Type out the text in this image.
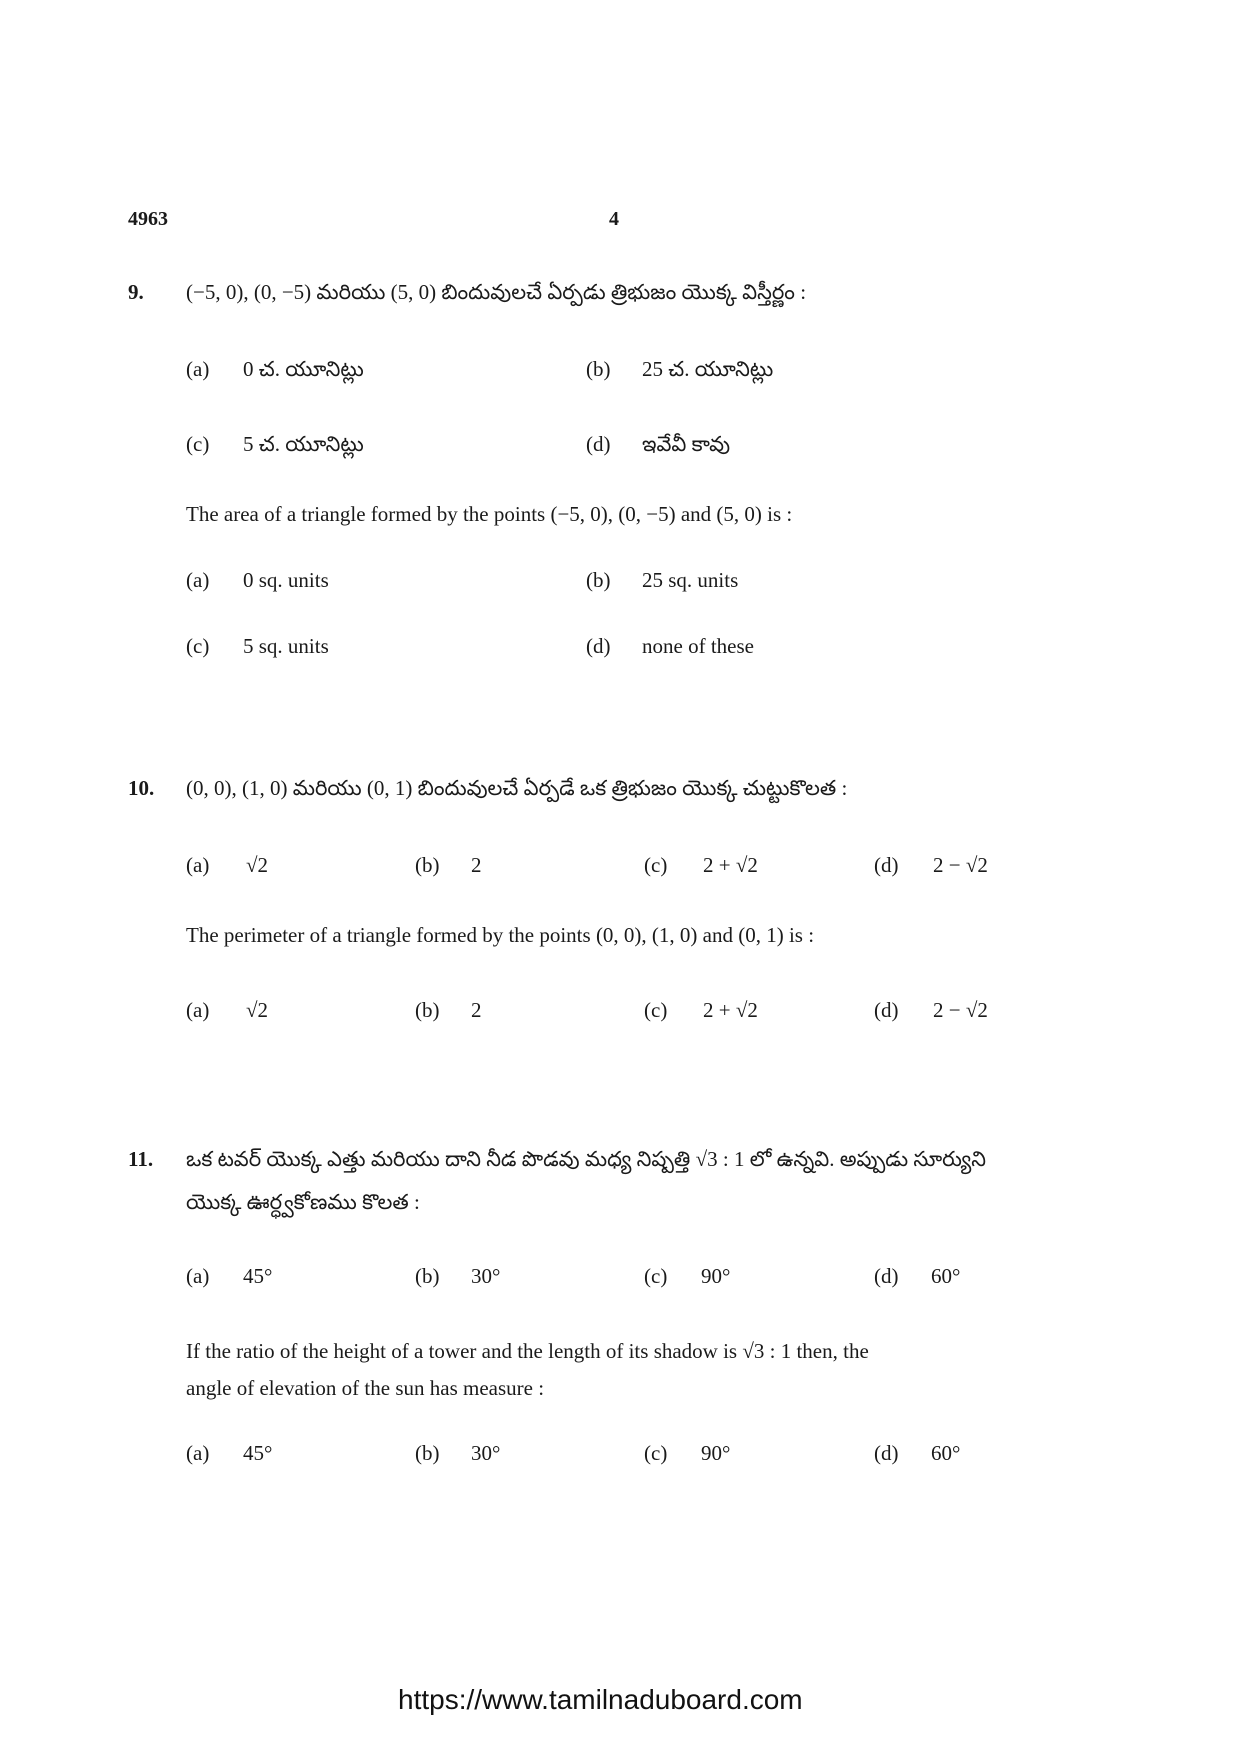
4963	4
9. (−5, 0), (0, −5) మరియు (5, 0) బిందువులచే ఏర్పడు త్రిభుజం యొక్క విస్తీర్ణం :
(a) 0 చ. యూనిట్లు	(b) 25 చ. యూనిట్లు
(c) 5 చ. యూనిట్లు	(d) ఇవేవీ కావు
The area of a triangle formed by the points (−5, 0), (0, −5) and (5, 0) is :
(a) 0 sq. units	(b) 25 sq. units
(c) 5 sq. units	(d) none of these
10. (0, 0), (1, 0) మరియు (0, 1) బిందువులచే ఏర్పడే ఒక త్రిభుజం యొక్క చుట్టుకొలత :
(a) √2	(b) 2	(c) 2 + √2	(d) 2 − √2
The perimeter of a triangle formed by the points (0, 0), (1, 0) and (0, 1) is :
(a) √2	(b) 2	(c) 2 + √2	(d) 2 − √2
11. ఒక టవర్ యొక్క ఎత్తు మరియు దాని నీడ పొడవు మధ్య నిష్పత్తి √3 : 1 లో ఉన్నవి. అప్పుడు సూర్యుని
యొక్క ఊర్ధ్వకోణము కొలత :
(a) 45°	(b) 30°	(c) 90°	(d) 60°
If the ratio of the height of a tower and the length of its shadow is √3 : 1 then, the
angle of elevation of the sun has measure :
(a) 45°	(b) 30°	(c) 90°	(d) 60°
https://www.tamilnaduboard.com
